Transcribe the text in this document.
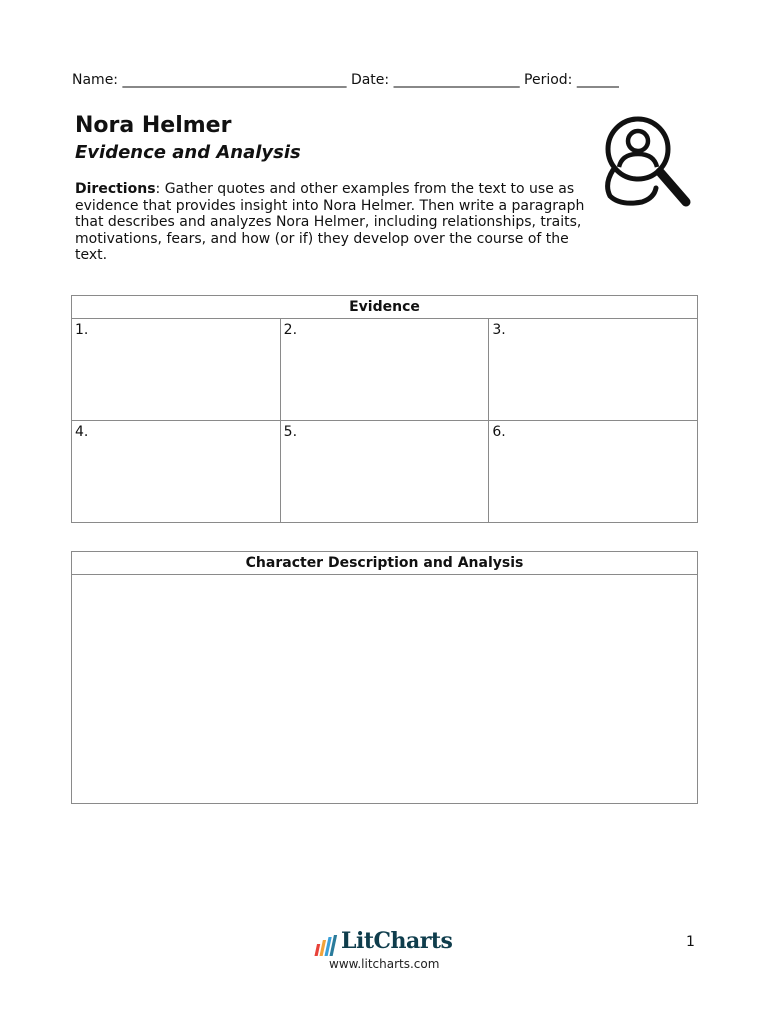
Name: ________________________________ Date: __________________ Period: ______
Nora Helmer
Evidence and Analysis
Directions: Gather quotes and other examples from the text to use as evidence that provides insight into Nora Helmer. Then write a paragraph that describes and analyzes Nora Helmer, including relationships, traits, motivations, fears, and how (or if) they develop over the course of the text.
Evidence		
1.	2.	3.
4.	5.	6.
Character Description and Analysis

LitCharts
www.litcharts.com
1
